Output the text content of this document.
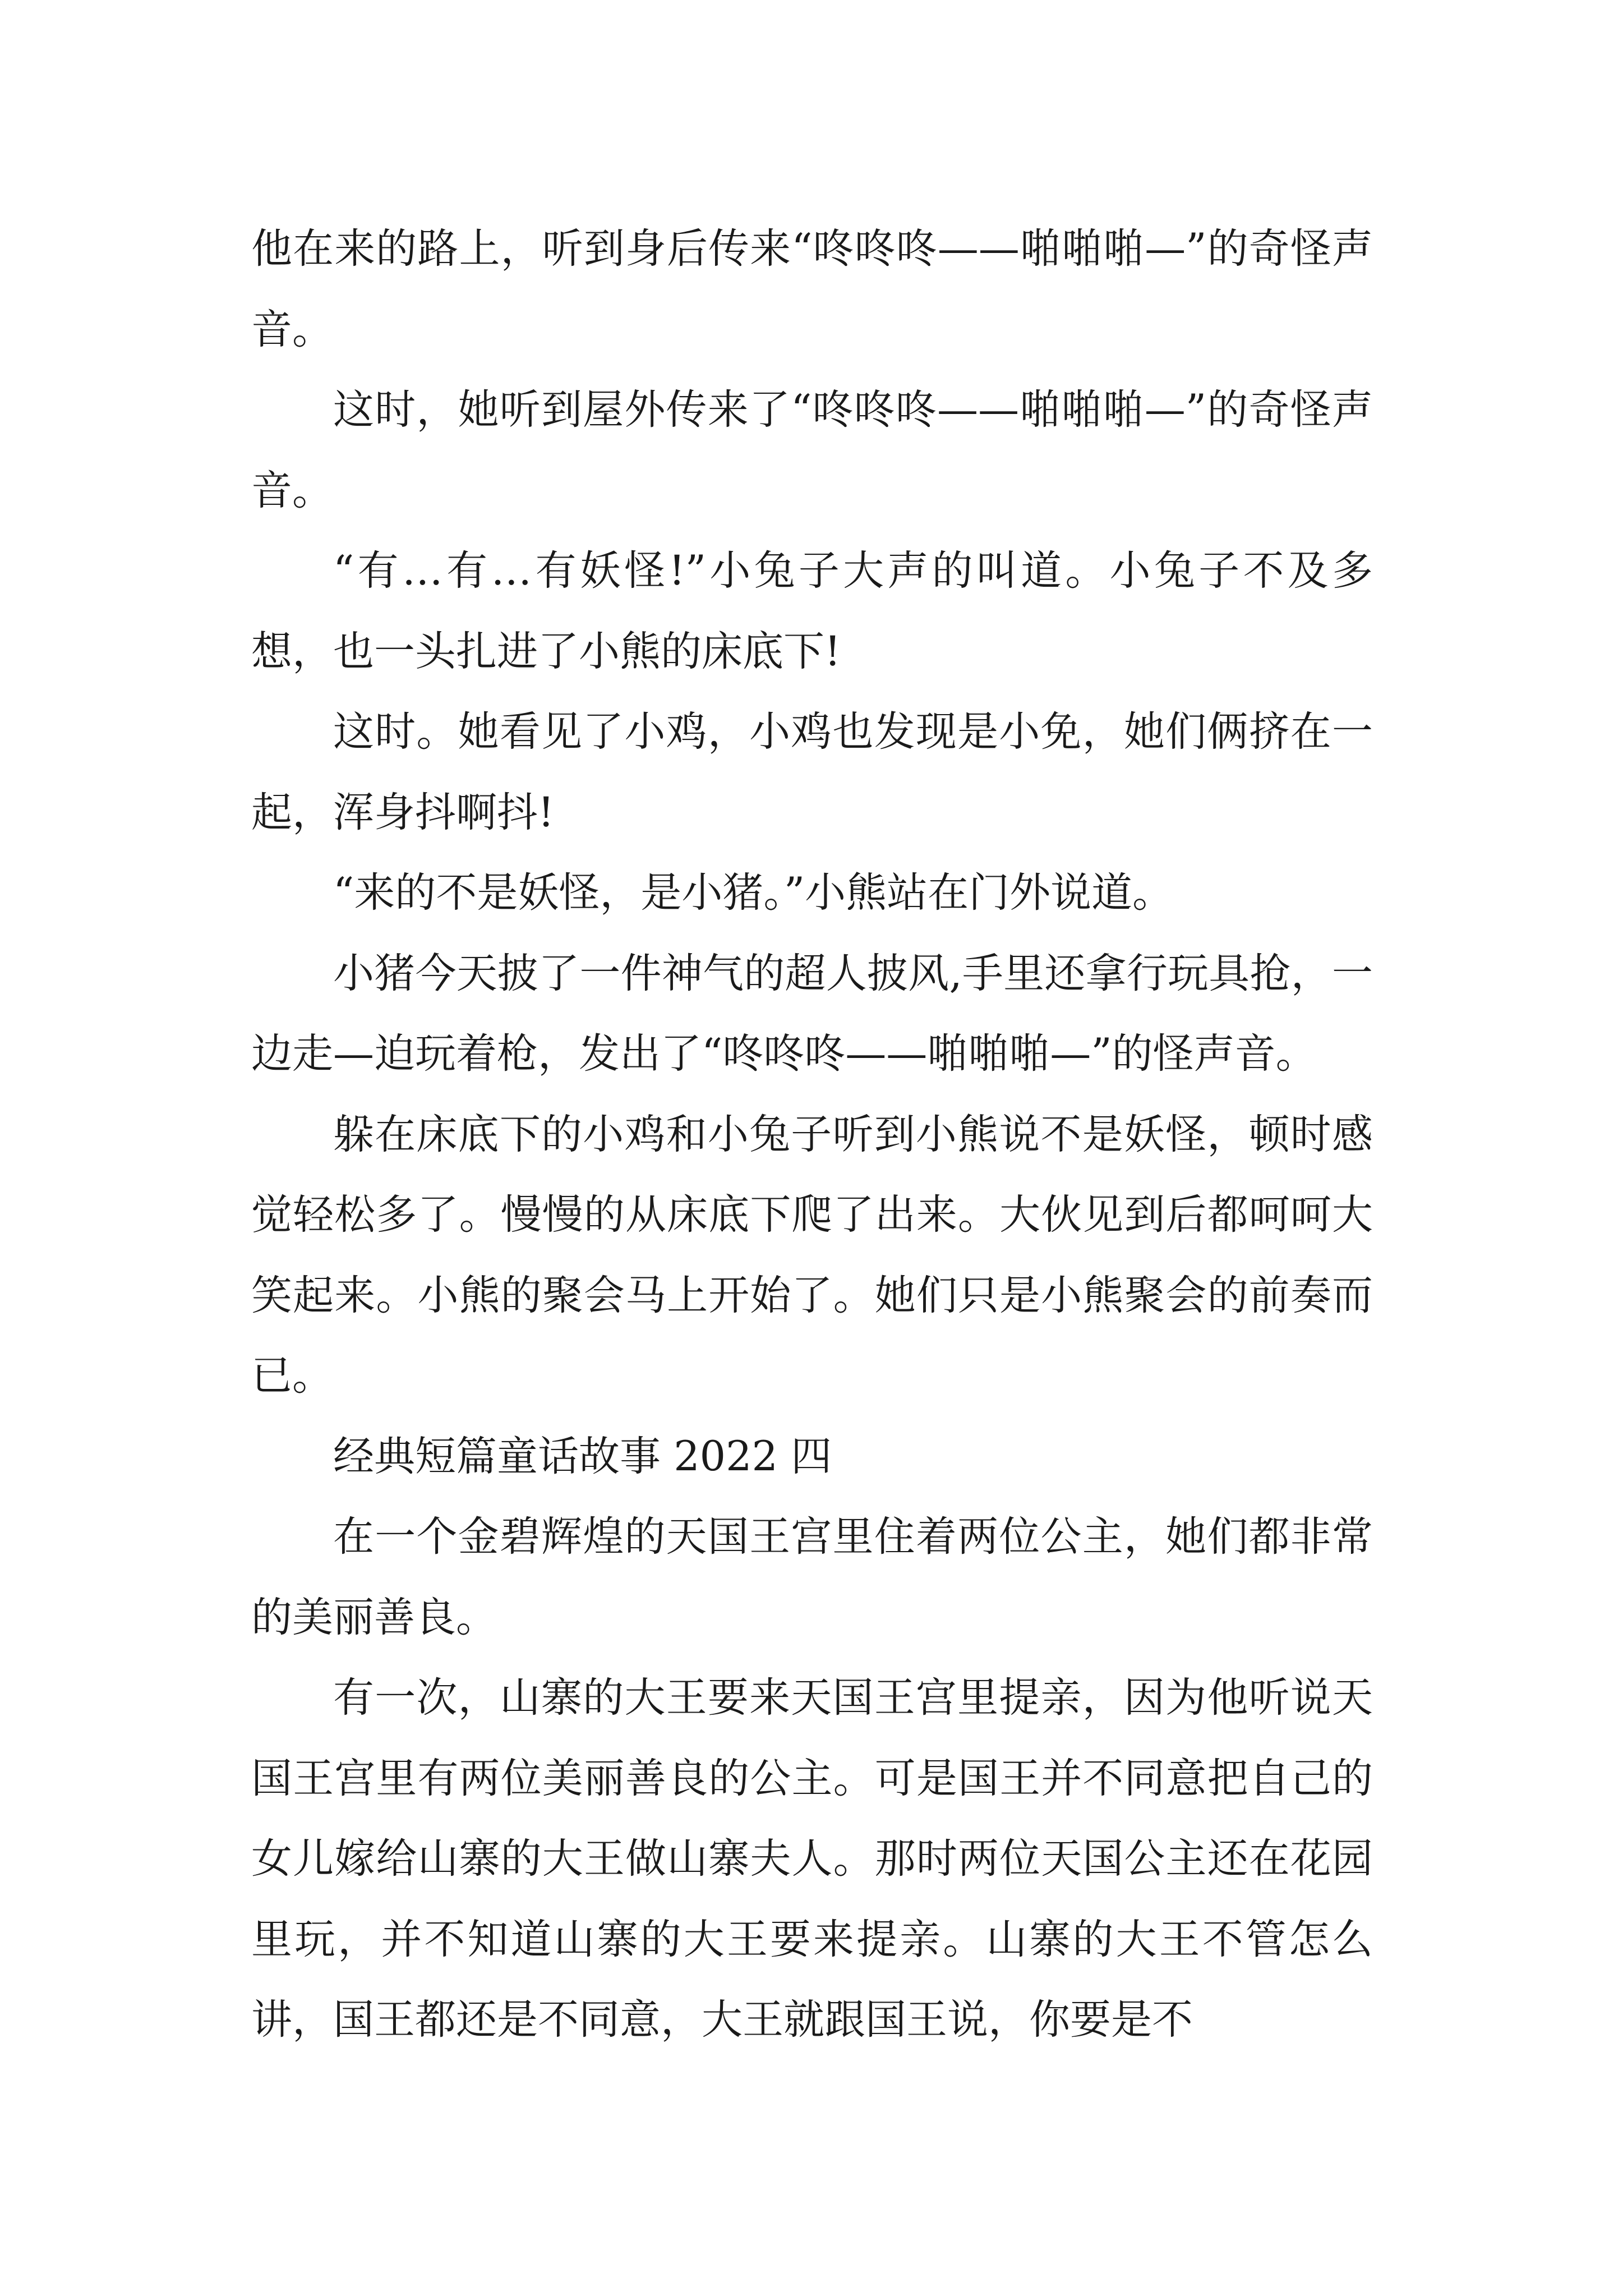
他在来的路上，听到身后传来“咚咚咚——啪啪啪—”的奇怪声音。

这时，她听到屋外传来了“咚咚咚——啪啪啪—”的奇怪声音。

“有…有…有妖怪!”小兔子大声的叫道。小兔子不及多想，也一头扎进了小熊的床底下!

这时。她看见了小鸡，小鸡也发现是小免，她们俩挤在一起，浑身抖啊抖!

“来的不是妖怪，是小猪。”小熊站在门外说道。

小猪今天披了一件神气的超人披风,手里还拿行玩具抢，一边走—迫玩着枪，发出了“咚咚咚——啪啪啪—”的怪声音。

躲在床底下的小鸡和小兔子听到小熊说不是妖怪，顿时感觉轻松多了。慢慢的从床底下爬了出来。大伙见到后都呵呵大笑起来。小熊的聚会马上开始了。她们只是小熊聚会的前奏而已。

经典短篇童话故事 2022 四

在一个金碧辉煌的天国王宫里住着两位公主，她们都非常的美丽善良。

有一次，山寨的大王要来天国王宫里提亲，因为他听说天国王宫里有两位美丽善良的公主。可是国王并不同意把自己的女儿嫁给山寨的大王做山寨夫人。那时两位天国公主还在花园里玩，并不知道山寨的大王要来提亲。山寨的大王不管怎么讲，国王都还是不同意，大王就跟国王说，你要是不
